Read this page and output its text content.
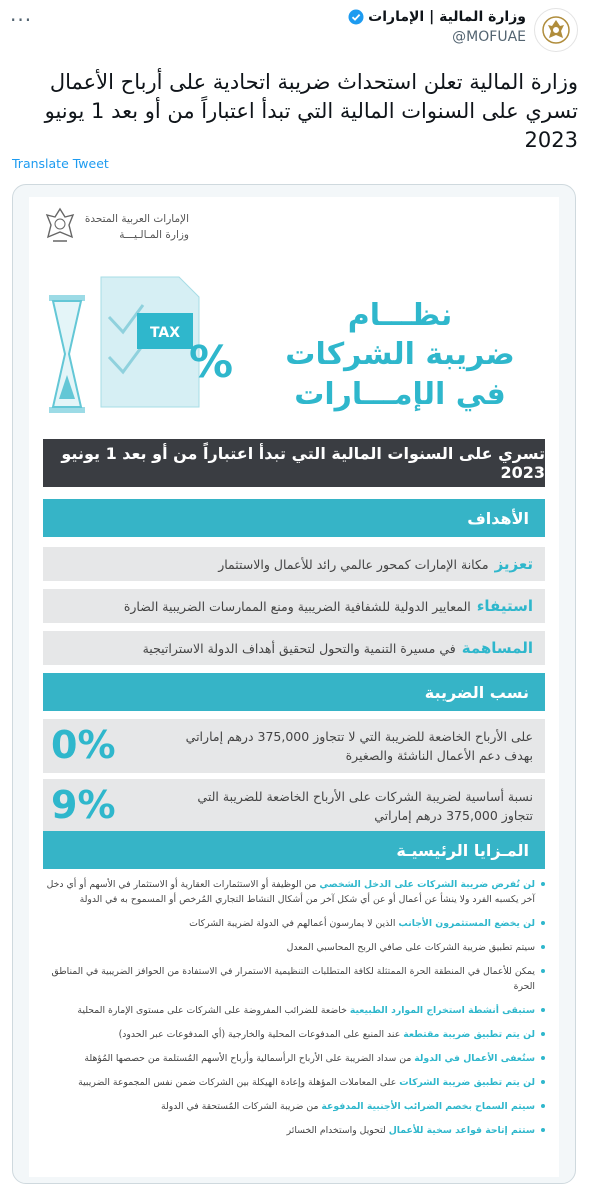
وزارة المالية | الإمارات
@MOFUAE
···
وزارة المالية تعلن استحداث ضريبة اتحادية على أرباح الأعمال تسري على السنوات المالية التي تبدأ اعتباراً من أو بعد 1 يونيو 2023
Translate Tweet
الإمارات العربية المتحدة
وزارة المـالـيـــة
TAX
%
نظـــام
ضريبة الشركات
في الإمـــارات
تسري على السنوات المالية التي تبدأ اعتباراً من أو بعد 1 يونيو 2023
الأهداف
تعزيز
مكانة الإمارات كمحور عالمي رائد للأعمال والاستثمار
استيفاء
المعايير الدولية للشفافية الضريبية ومنع الممارسات الضريبية الضارة
المساهمة
في مسيرة التنمية والتحول لتحقيق أهداف الدولة الاستراتيجية
نسب الضريبة
0%	على الأرباح الخاضعة للضريبة التي لا تتجاوز 375,000 درهم إماراتي بهدف دعم الأعمال الناشئة والصغيرة
9%	نسبة أساسية لضريبة الشركات على الأرباح الخاضعة للضريبة التي تتجاوز 375,000 درهم إماراتي
المـزايا الرئيسيـة
لن تُفرض ضريبة الشركات على الدخل الشخصي من الوظيفة أو الاستثمارات العقارية أو الاستثمار في الأسهم أو أي دخل آخر يكسبه الفرد ولا ينشأ عن أعمال أو عن أي شكل آخر من أشكال النشاط التجاري المُرخص أو المسموح به في الدولة
لن يخضع المستثمرون الأجانب الذين لا يمارسون أعمالهم في الدولة لضريبة الشركات
سيتم تطبيق ضريبة الشركات على صافي الربح المحاسبي المعدل
يمكن للأعمال في المنطقة الحرة الممتثلة لكافة المتطلبات التنظيمية الاستمرار في الاستفادة من الحوافز الضريبية في المناطق الحرة
ستبقى أنشطة استخراج الموارد الطبيعية خاضعة للضرائب المفروضة على الشركات على مستوى الإمارة المحلية
لن يتم تطبيق ضريبة مقتطعة عند المنبع على المدفوعات المحلية والخارجية (أي المدفوعات عبر الحدود)
ستُعفى الأعمال في الدولة من سداد الضريبة على الأرباح الرأسمالية وأرباح الأسهم المُستلمة من حصصها المُؤهلة
لن يتم تطبيق ضريبة الشركات على المعاملات المؤهلة وإعادة الهيكلة بين الشركات ضمن نفس المجموعة الضريبية
سيتم السماح بخصم الضرائب الأجنبية المدفوعة من ضريبة الشركات المُستحقة في الدولة
ستتم إتاحة قواعد سخية للأعمال لتحويل واستخدام الخسائر
